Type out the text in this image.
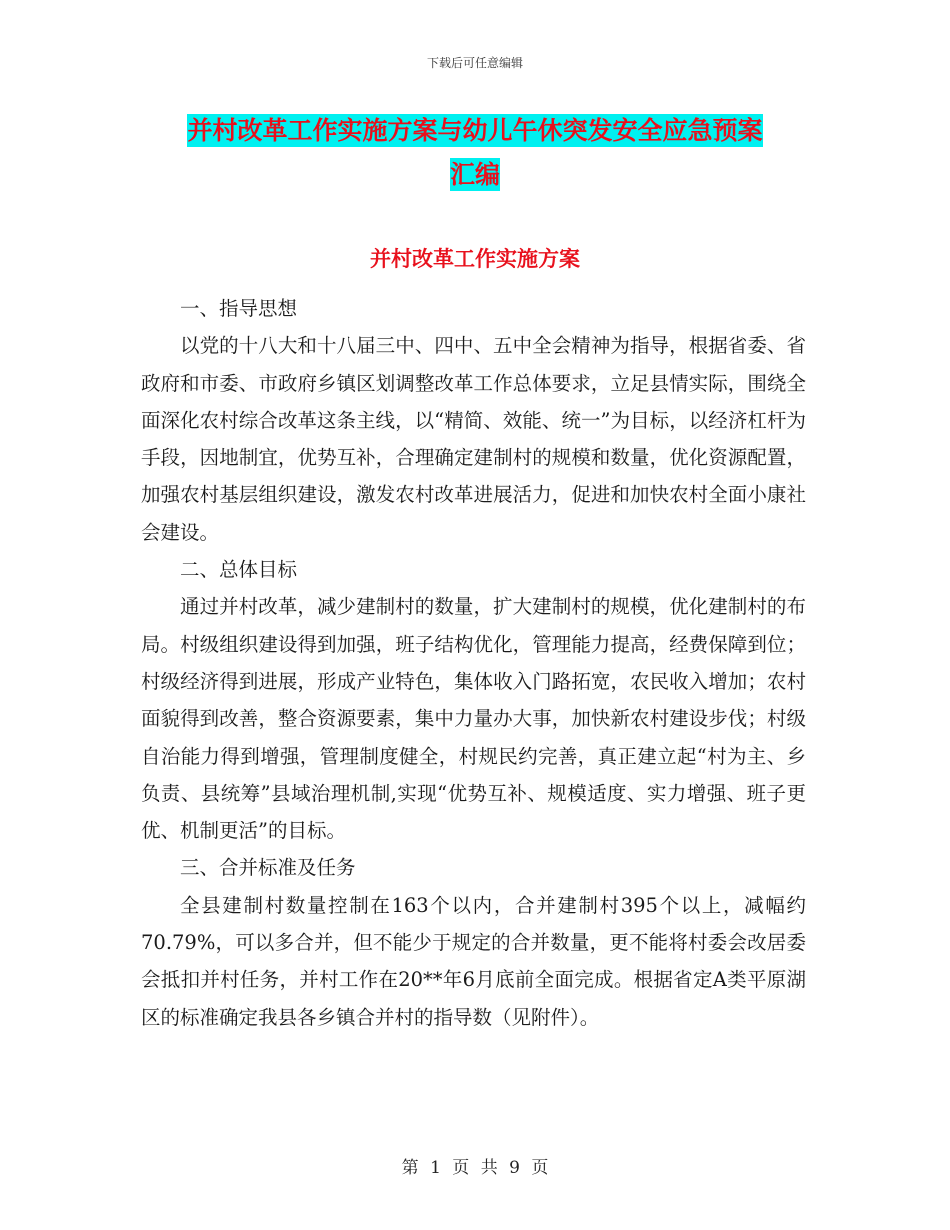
下载后可任意编辑
并村改革工作实施方案与幼儿午休突发安全应急预案
汇编
并村改革工作实施方案

一、指导思想

以党的十八大和十八届三中、四中、五中全会精神为指导，根据省委、省政府和市委、市政府乡镇区划调整改革工作总体要求，立足县情实际，围绕全面深化农村综合改革这条主线，以“精简、效能、统一”为目标，以经济杠杆为手段，因地制宜，优势互补，合理确定建制村的规模和数量，优化资源配置，加强农村基层组织建设，激发农村改革进展活力，促进和加快农村全面小康社会建设。

二、总体目标

通过并村改革，减少建制村的数量，扩大建制村的规模，优化建制村的布局。村级组织建设得到加强，班子结构优化，管理能力提高，经费保障到位；村级经济得到进展，形成产业特色，集体收入门路拓宽，农民收入增加；农村面貌得到改善，整合资源要素，集中力量办大事，加快新农村建设步伐；村级自治能力得到增强，管理制度健全，村规民约完善，真正建立起“村为主、乡负责、县统筹”县域治理机制,实现“优势互补、规模适度、实力增强、班子更优、机制更活”的目标。

三、合并标准及任务

全县建制村数量控制在163个以内，合并建制村395个以上，减幅约70.79%，可以多合并，但不能少于规定的合并数量，更不能将村委会改居委会抵扣并村任务，并村工作在20**年6月底前全面完成。根据省定A类平原湖区的标准确定我县各乡镇合并村的指导数（见附件）。

第 1 页 共 9 页
